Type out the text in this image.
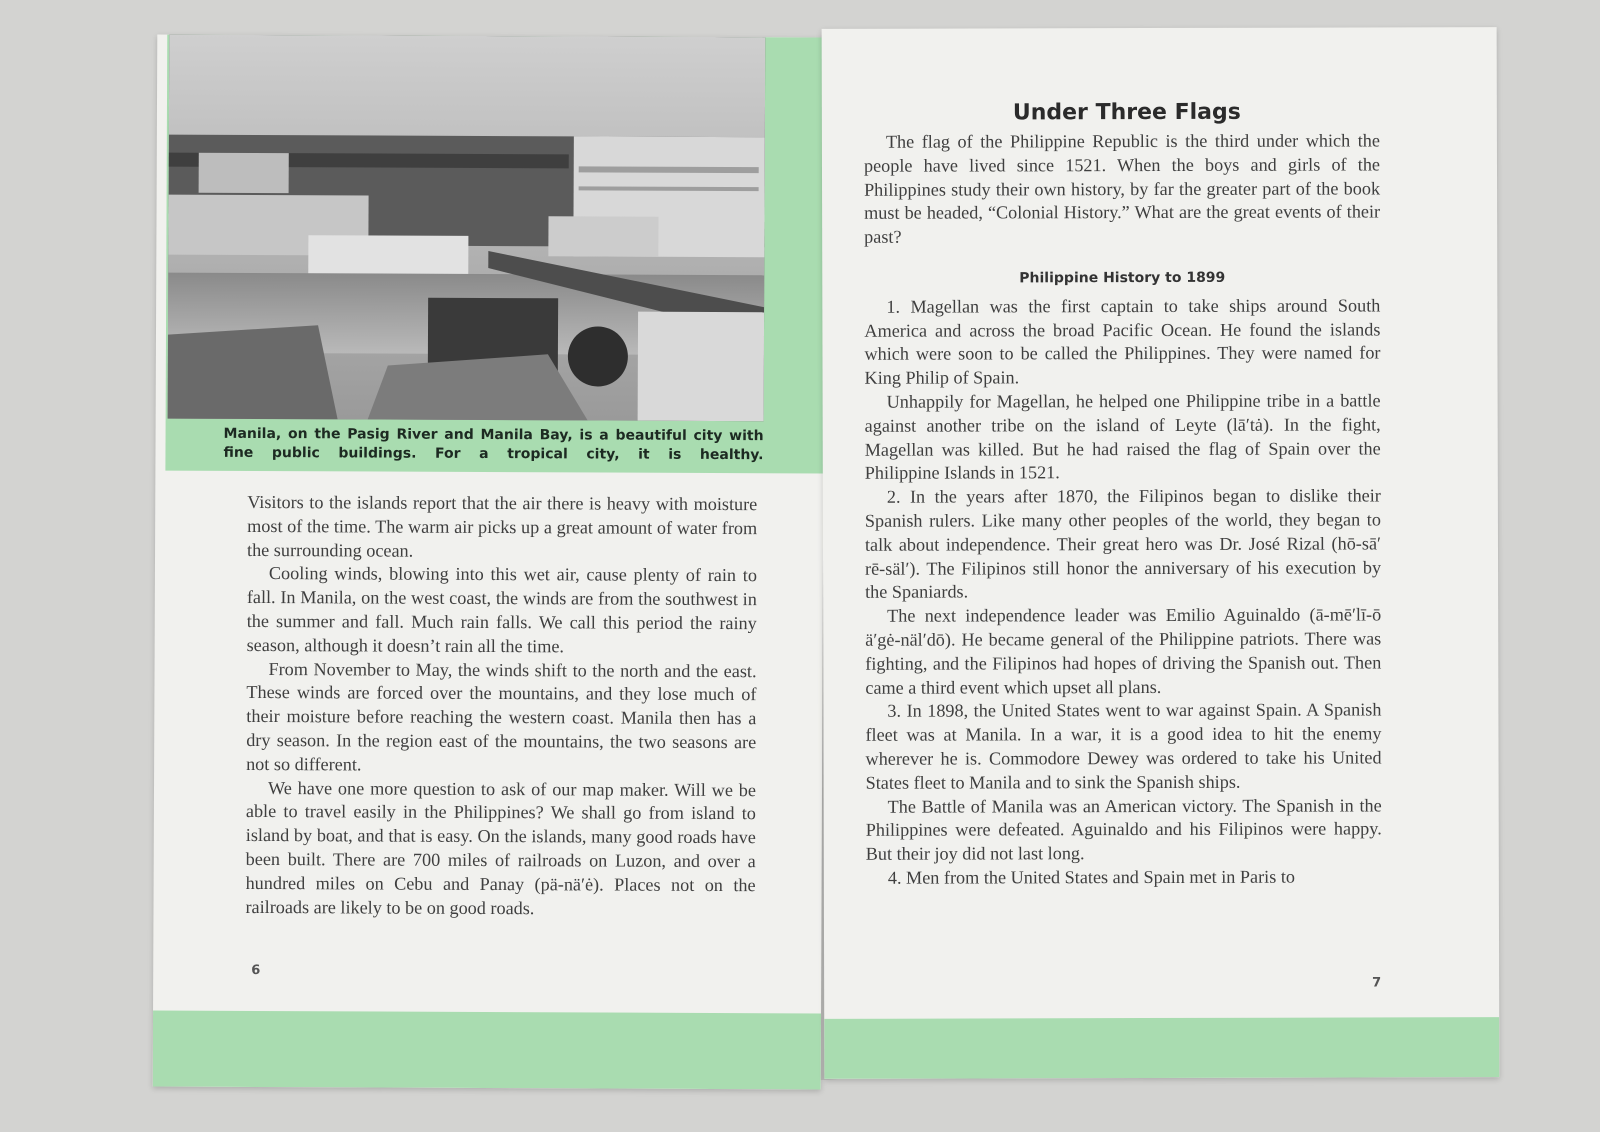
Manila, on the Pasig River and Manila Bay, is a beautiful city with fine public buildings. For a tropical city, it is healthy.

Visitors to the islands report that the air there is heavy with moisture most of the time. The warm air picks up a great amount of water from the surrounding ocean.

Cooling winds, blowing into this wet air, cause plenty of rain to fall. In Manila, on the west coast, the winds are from the southwest in the summer and fall. Much rain falls. We call this period the rainy season, although it doesn’t rain all the time.

From November to May, the winds shift to the north and the east. These winds are forced over the mountains, and they lose much of their moisture before reaching the western coast. Manila then has a dry season. In the region east of the mountains, the two seasons are not so different.

We have one more question to ask of our map maker. Will we be able to travel easily in the Philippines? We shall go from island to island by boat, and that is easy. On the islands, many good roads have been built. There are 700 miles of railroads on Luzon, and over a hundred miles on Cebu and Panay (pä-nä′ė). Places not on the railroads are likely to be on good roads.

6
Under Three Flags

The flag of the Philippine Republic is the third under which the people have lived since 1521. When the boys and girls of the Philippines study their own history, by far the greater part of the book must be headed, “Colonial History.” What are the great events of their past?

Philippine History to 1899

1. Magellan was the first captain to take ships around South America and across the broad Pacific Ocean. He found the islands which were soon to be called the Philippines. They were named for King Philip of Spain.

Unhappily for Magellan, he helped one Philippine tribe in a battle against another tribe on the island of Leyte (lā′tȧ). In the fight, Magellan was killed. But he had raised the flag of Spain over the Philippine Islands in 1521.

2. In the years after 1870, the Filipinos began to dislike their Spanish rulers. Like many other peoples of the world, they began to talk about independence. Their great hero was Dr. José Rizal (hō-sā′ rē-säl′). The Filipinos still honor the anniversary of his execution by the Spaniards.

The next independence leader was Emilio Aguinaldo (ā-mē′lī-ō ä′gė-näl′dō). He became general of the Philippine patriots. There was fighting, and the Filipinos had hopes of driving the Spanish out. Then came a third event which upset all plans.

3. In 1898, the United States went to war against Spain. A Spanish fleet was at Manila. In a war, it is a good idea to hit the enemy wherever he is. Commodore Dewey was ordered to take his United States fleet to Manila and to sink the Spanish ships.

The Battle of Manila was an American victory. The Spanish in the Philippines were defeated. Aguinaldo and his Filipinos were happy. But their joy did not last long.

4. Men from the United States and Spain met in Paris to

7
